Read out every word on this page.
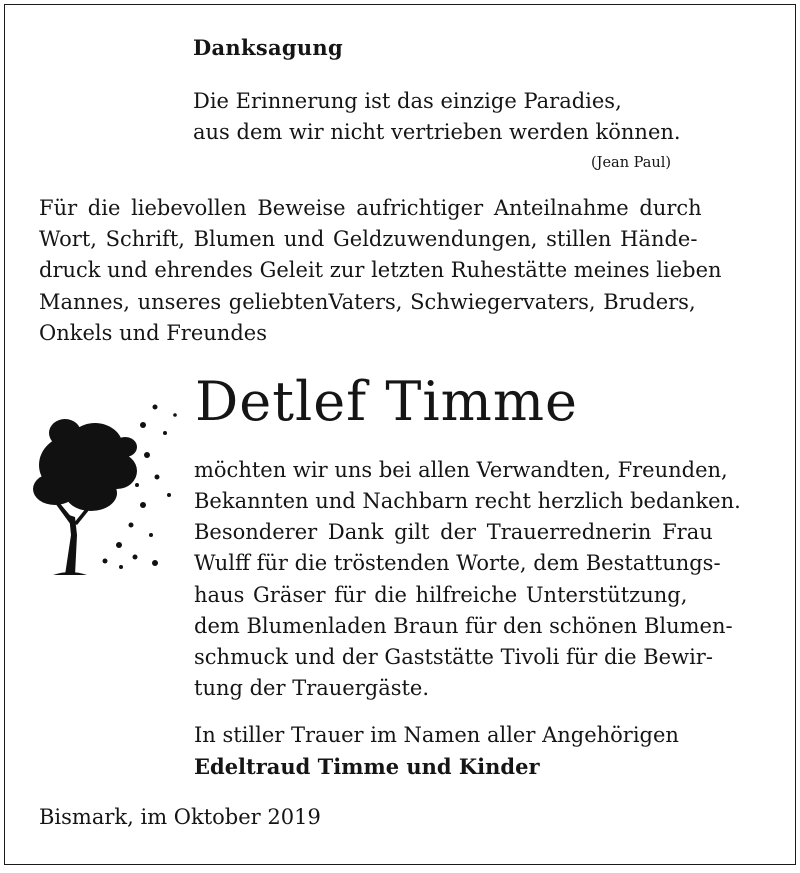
Danksagung
Die Erinnerung ist das einzige Paradies,
aus dem wir nicht vertrieben werden können.
(Jean Paul)
Für die liebevollen Beweise aufrichtiger Anteilnahme durch
Wort, Schrift, Blumen und Geldzuwendungen, stillen Hände-
druck und ehrendes Geleit zur letzten Ruhestätte meines lieben
Mannes, unseres geliebtenVaters, Schwiegervaters, Bruders,
Onkels und Freundes
Detlef Timme
möchten wir uns bei allen Verwandten, Freunden,
Bekannten und Nachbarn recht herzlich bedanken.
Besonderer Dank gilt der Trauerrednerin Frau
Wulff für die tröstenden Worte, dem Bestattungs-
haus Gräser für die hilfreiche Unterstützung,
dem Blumenladen Braun für den schönen Blumen-
schmuck und der Gaststätte Tivoli für die Bewir-
tung der Trauergäste.
In stiller Trauer im Namen aller Angehörigen
Edeltraud Timme und Kinder
Bismark, im Oktober 2019
